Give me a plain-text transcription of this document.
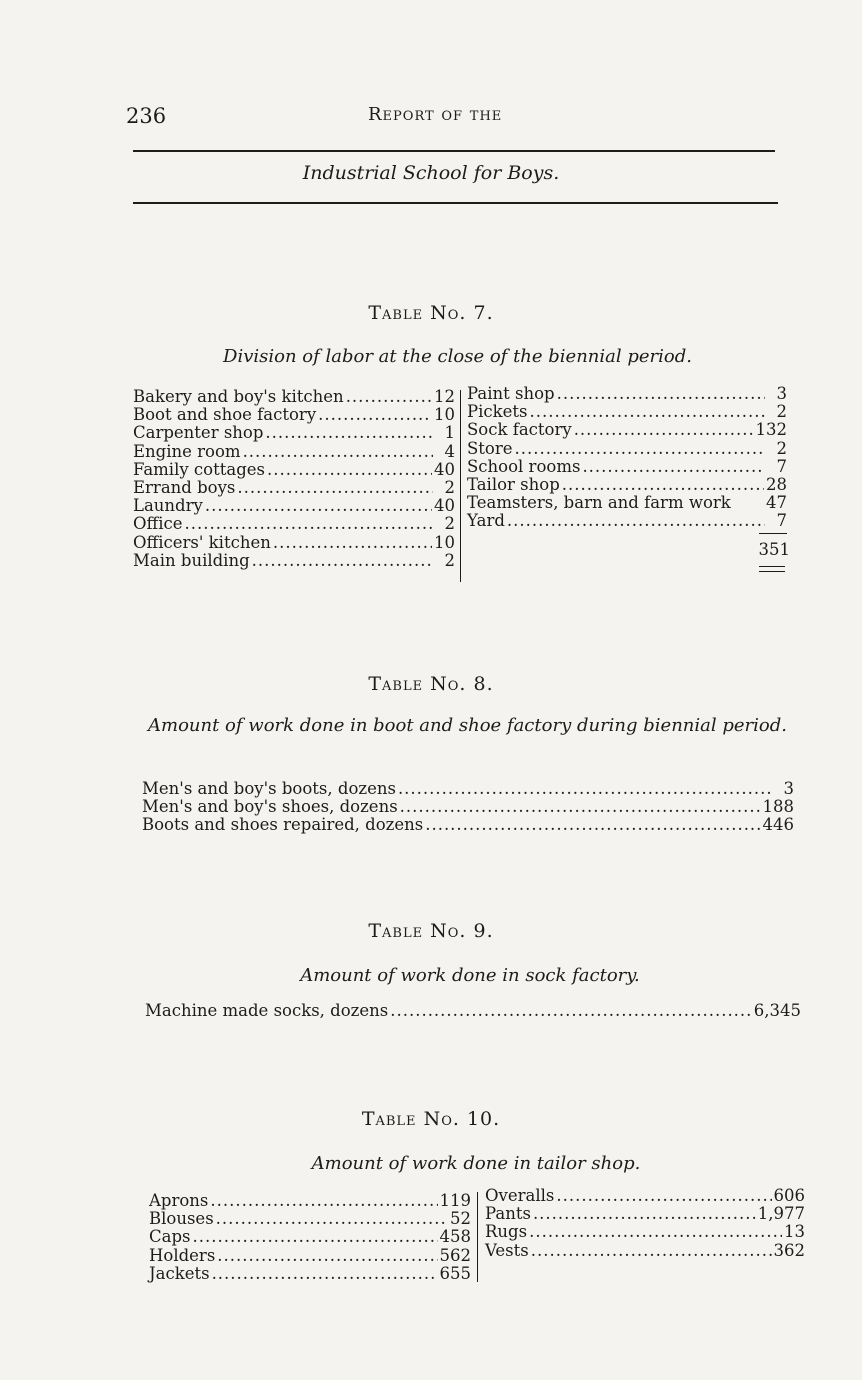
236	Report of the
Industrial School for Boys.
Table No. 7.
Division of labor at the close of the biennial period.
Bakery and boy's kitchen .....	12
Boot and shoe factory .....	10
Carpenter shop .....	1
Engine room .....	4
Family cottages .....	40
Errand boys .....	2
Laundry .....	40
Office .....	2
Officers' kitchen .....	10
Main building .....	2
Paint shop .....	3
Pickets .....	2
Sock factory .....	132
Store .....	2
School rooms .....	7
Tailor shop .....	28
Teamsters, barn and farm work 47
Yard .....	7
351
Table No. 8.
Amount of work done in boot and shoe factory during biennial period.
Men's and boy's boots, dozens .....	3
Men's and boy's shoes, dozens .....	188
Boots and shoes repaired, dozens .....	446
Table No. 9.
Amount of work done in sock factory.
Machine made socks, dozens .....	6,345
Table No. 10.
Amount of work done in tailor shop.
Aprons .....	119
Blouses .....	52
Caps .....	458
Holders .....	562
Jackets .....	655
Overalls .....	606
Pants .....	1,977
Rugs .....	13
Vests .....	362
